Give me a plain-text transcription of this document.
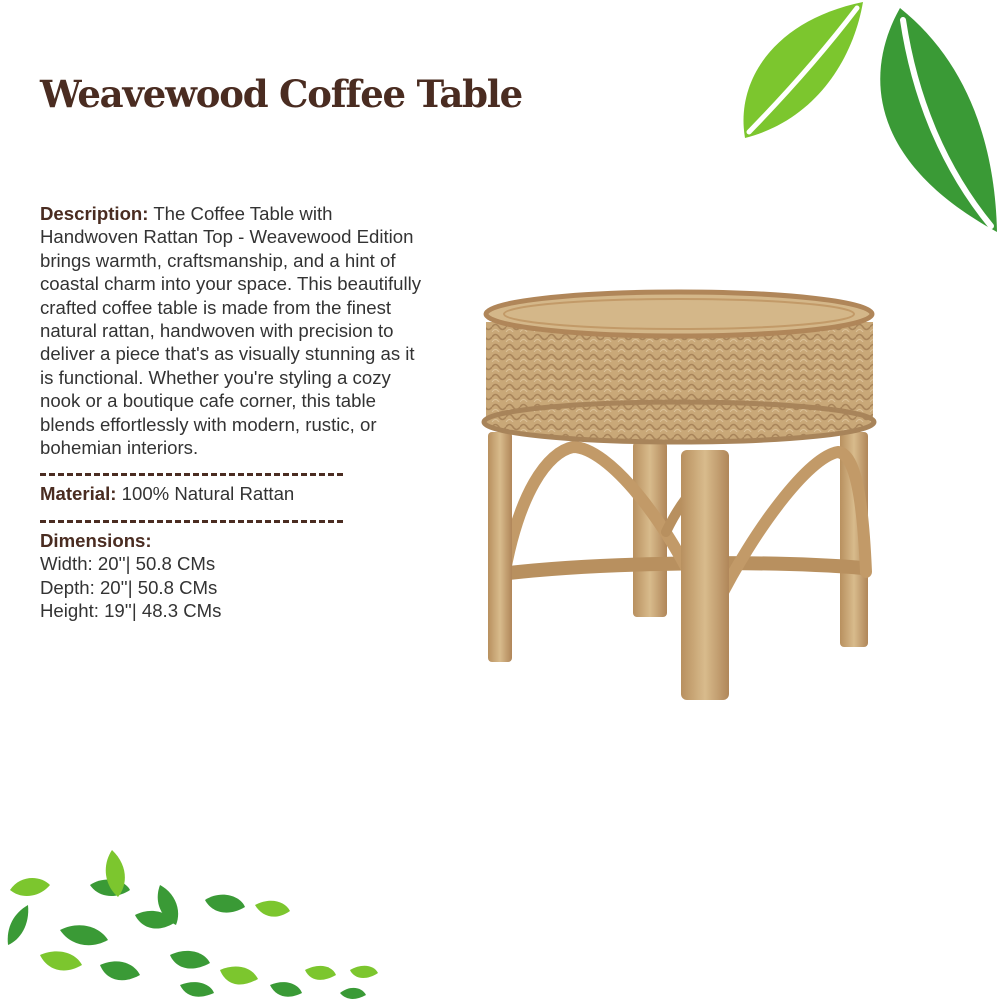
Weavewood Coffee Table

Description: The Coffee Table with Handwoven Rattan Top - Weavewood Edition brings warmth, craftsmanship, and a hint of coastal charm into your space. This beautifully crafted coffee table is made from the finest natural rattan, handwoven with precision to deliver a piece that's as visually stunning as it is functional. Whether you're styling a cozy nook or a boutique cafe corner, this table blends effortlessly with modern, rustic, or bohemian interiors.

Material: 100% Natural Rattan

Dimensions:

Width: 20''| 50.8 CMs

Depth: 20''| 50.8 CMs

Height: 19''| 48.3 CMs
